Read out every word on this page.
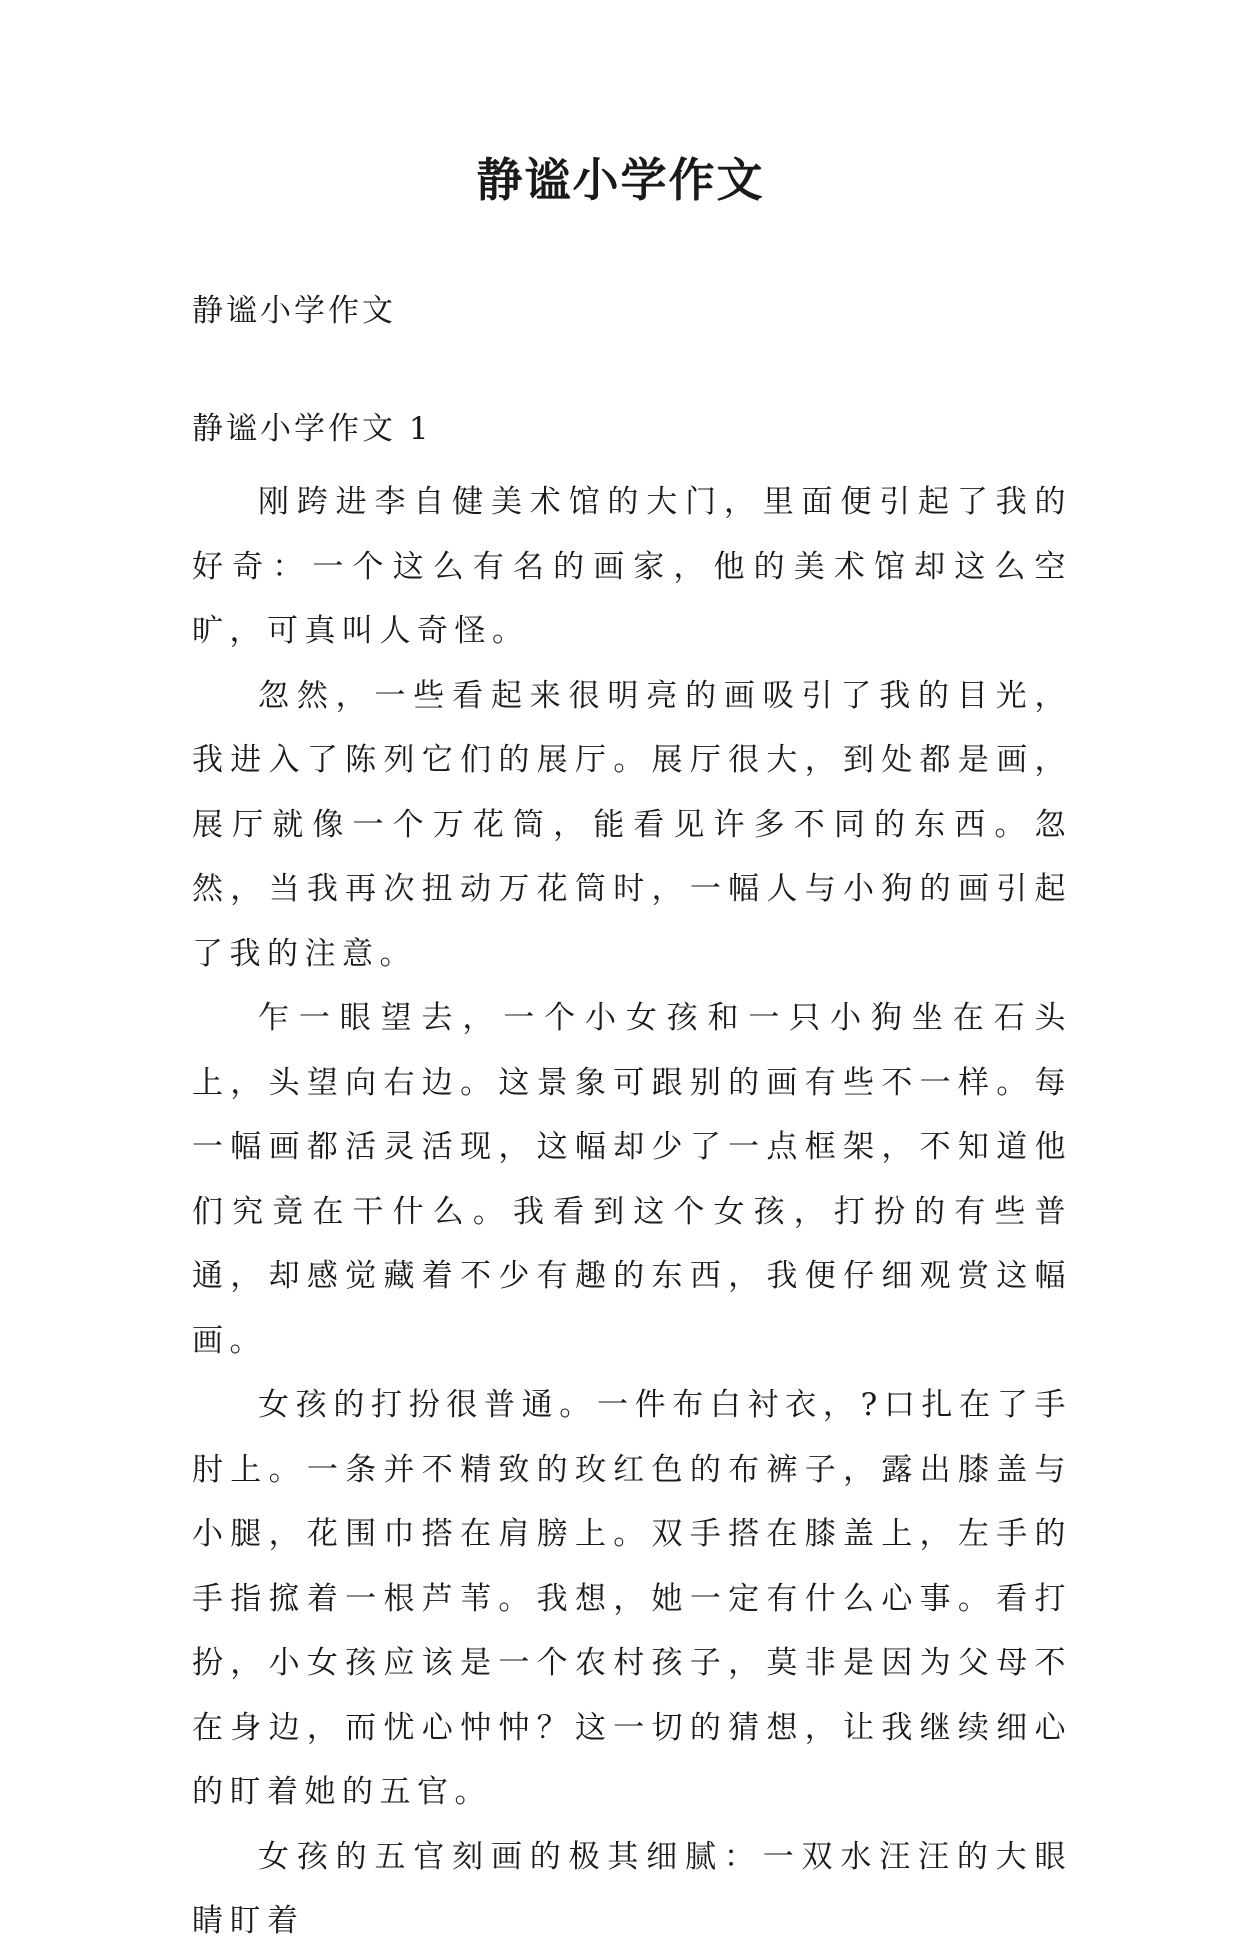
静谧小学作文

静谧小学作文

静谧小学作文 1

刚跨进李自健美术馆的大门，里面便引起了我的好奇：一个这么有名的画家，他的美术馆却这么空旷，可真叫人奇怪。

忽然，一些看起来很明亮的画吸引了我的目光，我进入了陈列它们的展厅。展厅很大，到处都是画，展厅就像一个万花筒，能看见许多不同的东西。忽然，当我再次扭动万花筒时，一幅人与小狗的画引起了我的注意。

乍一眼望去，一个小女孩和一只小狗坐在石头上，头望向右边。这景象可跟别的画有些不一样。每一幅画都活灵活现，这幅却少了一点框架，不知道他们究竟在干什么。我看到这个女孩，打扮的有些普通，却感觉藏着不少有趣的东西，我便仔细观赏这幅画。

女孩的打扮很普通。一件布白衬衣，?口扎在了手肘上。一条并不精致的玫红色的布裤子，露出膝盖与小腿，花围巾搭在肩膀上。双手搭在膝盖上，左手的手指搲着一根芦苇。我想，她一定有什么心事。看打扮，小女孩应该是一个农村孩子，莫非是因为父母不在身边，而忧心忡忡？这一切的猜想，让我继续细心的盯着她的五官。

女孩的五官刻画的极其细腻：一双水汪汪的大眼睛盯着
